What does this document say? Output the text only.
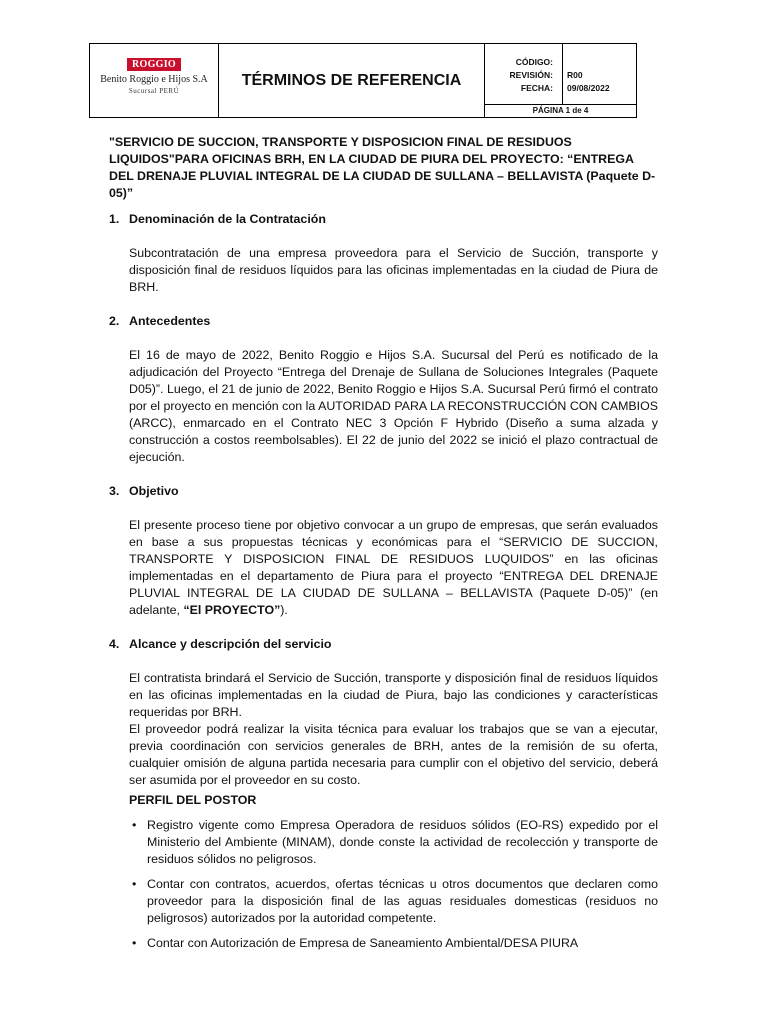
ROGGIO
Benito Roggio e Hijos S.A
Sucursal PERÚ
TÉRMINOS DE REFERENCIA
CÓDIGO:
REVISIÓN:
FECHA:
R00
09/08/2022
PÁGINA 1 de 4

"SERVICIO DE SUCCION, TRANSPORTE Y DISPOSICION FINAL DE RESIDUOS LIQUIDOS"PARA OFICINAS BRH, EN LA CIUDAD DE PIURA DEL PROYECTO: “ENTREGA DEL DRENAJE PLUVIAL INTEGRAL DE LA CIUDAD DE SULLANA – BELLAVISTA (Paquete D-05)”

1. Denominación de la Contratación

Subcontratación de una empresa proveedora para el Servicio de Succión, transporte y disposición final de residuos líquidos para las oficinas implementadas en la ciudad de Piura de BRH.

2. Antecedentes

El 16 de mayo de 2022, Benito Roggio e Hijos S.A. Sucursal del Perú es notificado de la adjudicación del Proyecto “Entrega del Drenaje de Sullana de Soluciones Integrales (Paquete D05)”. Luego, el 21 de junio de 2022, Benito Roggio e Hijos S.A. Sucursal Perú firmó el contrato por el proyecto en mención con la AUTORIDAD PARA LA RECONSTRUCCIÓN CON CAMBIOS (ARCC), enmarcado en el Contrato NEC 3 Opción F Hybrido (Diseño a suma alzada y construcción a costos reembolsables). El 22 de junio del 2022 se inició el plazo contractual de ejecución.

3. Objetivo

El presente proceso tiene por objetivo convocar a un grupo de empresas, que serán evaluados en base a sus propuestas técnicas y económicas para el “SERVICIO DE SUCCION, TRANSPORTE Y DISPOSICION FINAL DE RESIDUOS LUQUIDOS” en las oficinas implementadas en el departamento de Piura para el proyecto “ENTREGA DEL DRENAJE PLUVIAL INTEGRAL DE LA CIUDAD DE SULLANA – BELLAVISTA (Paquete D-05)” (en adelante, “El PROYECTO”).

4. Alcance y descripción del servicio

El contratista brindará el Servicio de Succión, transporte y disposición final de residuos líquidos en las oficinas implementadas en la ciudad de Piura, bajo las condiciones y características requeridas por BRH.

El proveedor podrá realizar la visita técnica para evaluar los trabajos que se van a ejecutar, previa coordinación con servicios generales de BRH, antes de la remisión de su oferta, cualquier omisión de alguna partida necesaria para cumplir con el objetivo del servicio, deberá ser asumida por el proveedor en su costo.

PERFIL DEL POSTOR

• Registro vigente como Empresa Operadora de residuos sólidos (EO-RS) expedido por el Ministerio del Ambiente (MINAM), donde conste la actividad de recolección y transporte de residuos sólidos no peligrosos.
• Contar con contratos, acuerdos, ofertas técnicas u otros documentos que declaren como proveedor para la disposición final de las aguas residuales domesticas (residuos no peligrosos) autorizados por la autoridad competente.
• Contar con Autorización de Empresa de Saneamiento Ambiental/DESA PIURA
